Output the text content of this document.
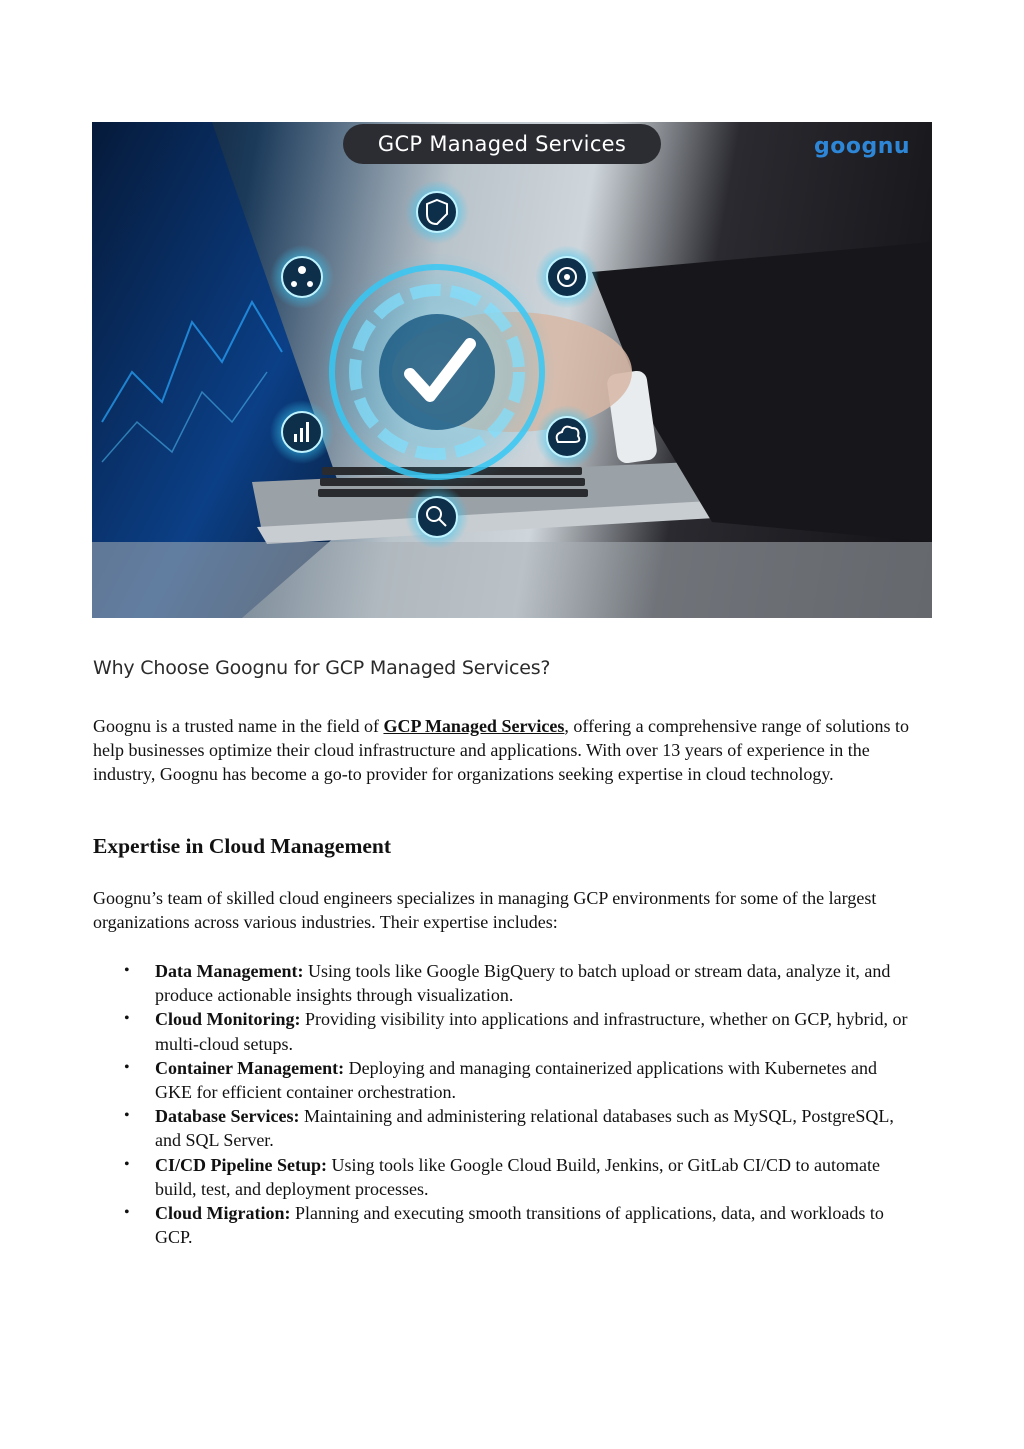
GCP Managed Services	goognu
Why Choose Goognu for GCP Managed Services?

Goognu is a trusted name in the field of GCP Managed Services, offering a comprehensive range of solutions to help businesses optimize their cloud infrastructure and applications. With over 13 years of experience in the industry, Goognu has become a go-to provider for organizations seeking expertise in cloud technology.

Expertise in Cloud Management

Goognu’s team of skilled cloud engineers specializes in managing GCP environments for some of the largest organizations across various industries. Their expertise includes:

• Data Management: Using tools like Google BigQuery to batch upload or stream data, analyze it, and produce actionable insights through visualization.
• Cloud Monitoring: Providing visibility into applications and infrastructure, whether on GCP, hybrid, or multi-cloud setups.
• Container Management: Deploying and managing containerized applications with Kubernetes and GKE for efficient container orchestration.
• Database Services: Maintaining and administering relational databases such as MySQL, PostgreSQL, and SQL Server.
• CI/CD Pipeline Setup: Using tools like Google Cloud Build, Jenkins, or GitLab CI/CD to automate build, test, and deployment processes.
• Cloud Migration: Planning and executing smooth transitions of applications, data, and workloads to GCP.
